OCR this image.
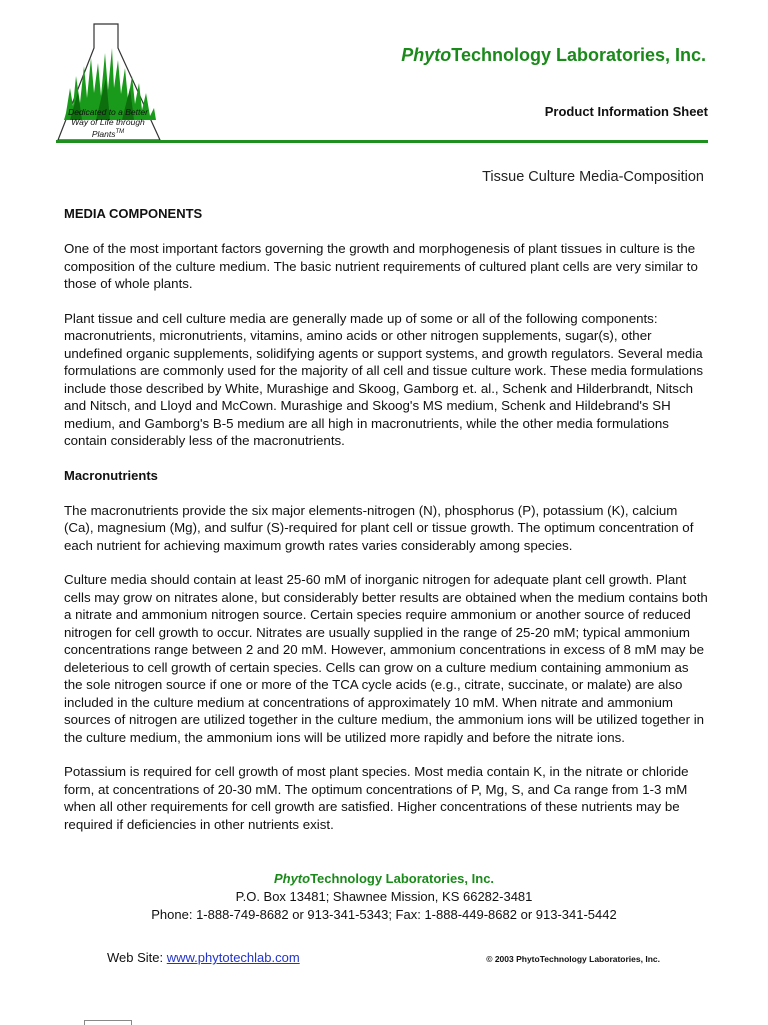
Dedicated to a Better
Way of Life through
Plants™
PhytoTechnology Laboratories, Inc.
Product Information Sheet
Tissue Culture Media-Composition
MEDIA COMPONENTS

One of the most important factors governing the growth and morphogenesis of plant tissues in culture is the composition of the culture medium. The basic nutrient requirements of cultured plant cells are very similar to those of whole plants.

Plant tissue and cell culture media are generally made up of some or all of the following components: macronutrients, micronutrients, vitamins, amino acids or other nitrogen supplements, sugar(s), other undefined organic supplements, solidifying agents or support systems, and growth regulators. Several media formulations are commonly used for the majority of all cell and tissue culture work. These media formulations include those described by White, Murashige and Skoog, Gamborg et. al., Schenk and Hilderbrandt, Nitsch and Nitsch, and Lloyd and McCown. Murashige and Skoog's MS medium, Schenk and Hildebrand's SH medium, and Gamborg's B-5 medium are all high in macronutrients, while the other media formulations contain considerably less of the macronutrients.

Macronutrients

The macronutrients provide the six major elements-nitrogen (N), phosphorus (P), potassium (K), calcium (Ca), magnesium (Mg), and sulfur (S)-required for plant cell or tissue growth. The optimum concentration of each nutrient for achieving maximum growth rates varies considerably among species.

Culture media should contain at least 25-60 mM of inorganic nitrogen for adequate plant cell growth. Plant cells may grow on nitrates alone, but considerably better results are obtained when the medium contains both a nitrate and ammonium nitrogen source. Certain species require ammonium or another source of reduced nitrogen for cell growth to occur. Nitrates are usually supplied in the range of 25-20 mM; typical ammonium concentrations range between 2 and 20 mM. However, ammonium concentrations in excess of 8 mM may be deleterious to cell growth of certain species. Cells can grow on a culture medium containing ammonium as the sole nitrogen source if one or more of the TCA cycle acids (e.g., citrate, succinate, or malate) are also included in the culture medium at concentrations of approximately 10 mM. When nitrate and ammonium sources of nitrogen are utilized together in the culture medium, the ammonium ions will be utilized together in the culture medium, the ammonium ions will be utilized more rapidly and before the nitrate ions.

Potassium is required for cell growth of most plant species. Most media contain K, in the nitrate or chloride form, at concentrations of 20-30 mM. The optimum concentrations of P, Mg, S, and Ca range from 1-3 mM when all other requirements for cell growth are satisfied. Higher concentrations of these nutrients may be required if deficiencies in other nutrients exist.

PhytoTechnology Laboratories, Inc.
P.O. Box 13481; Shawnee Mission, KS 66282-3481
Phone: 1-888-749-8682 or 913-341-5343; Fax: 1-888-449-8682 or 913-341-5442
Web Site: www.phytotechlab.com	© 2003 PhytoTechnology Laboratories, Inc.
